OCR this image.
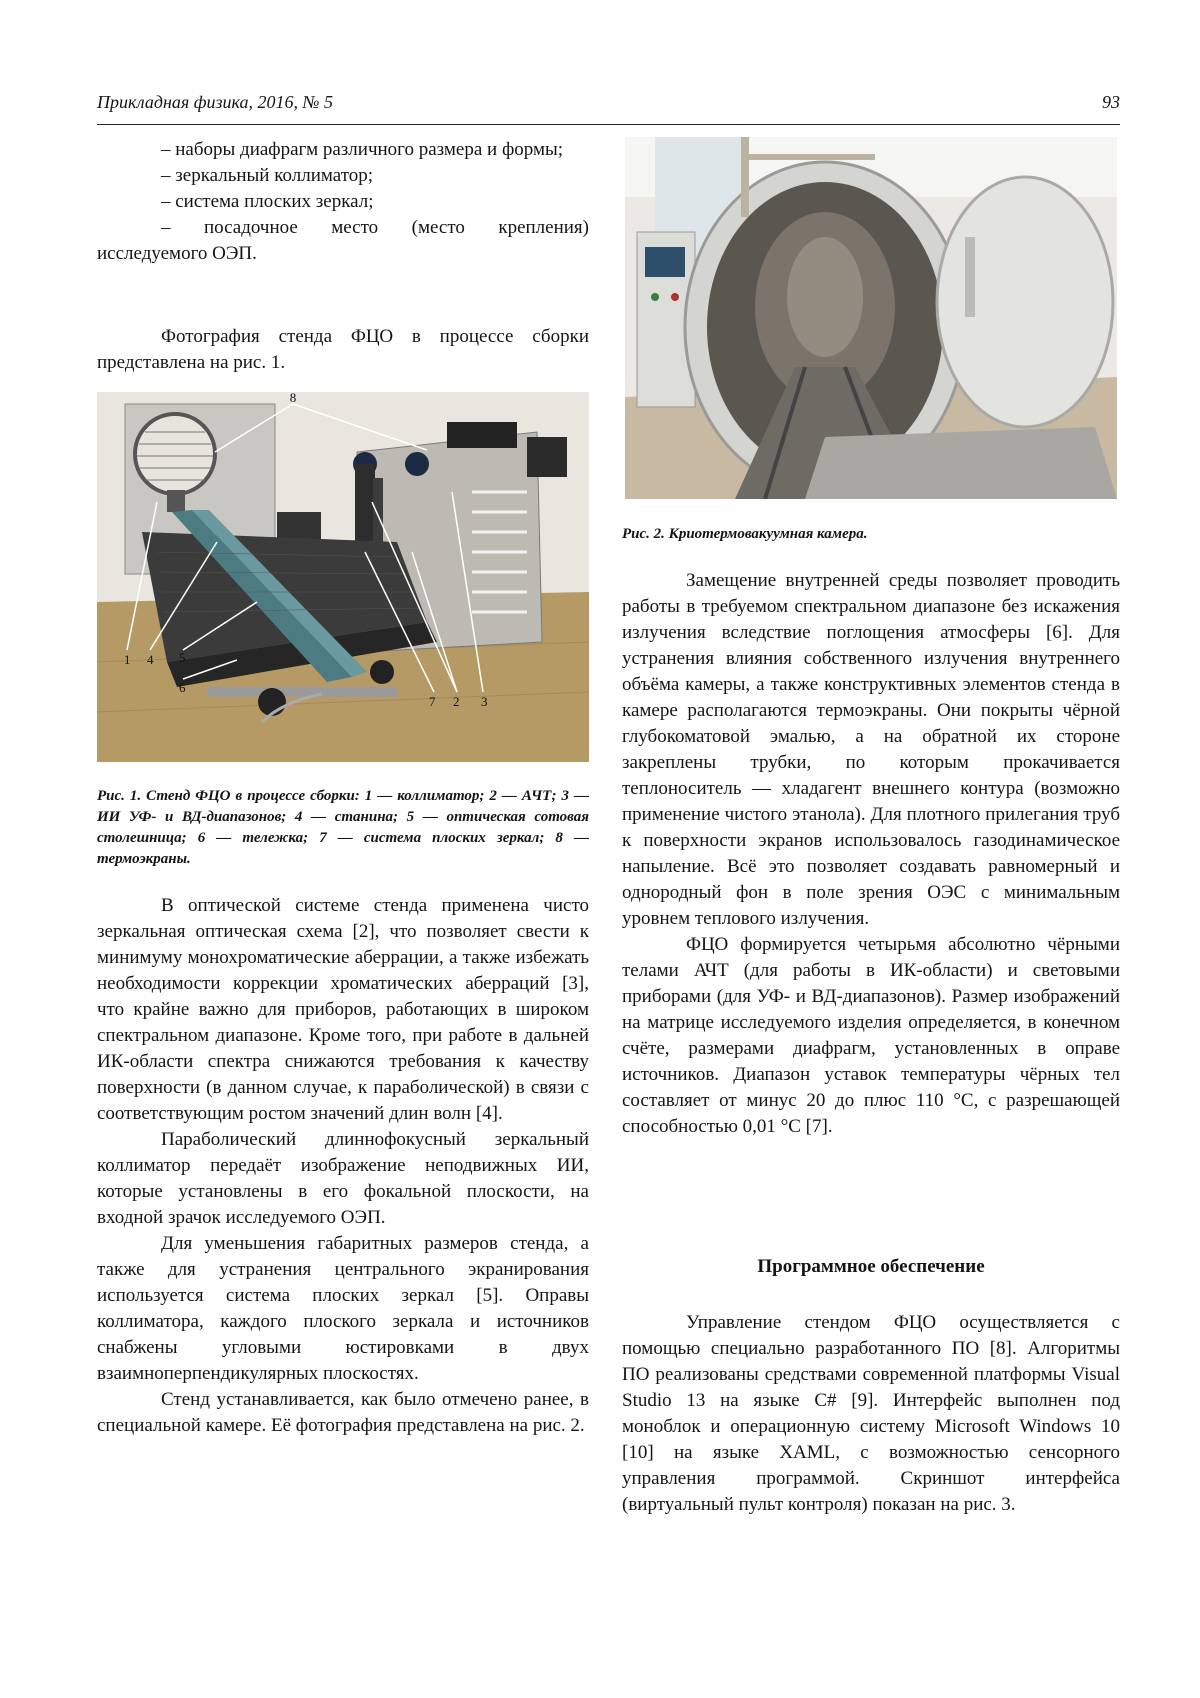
Прикладная физика, 2016, № 5	93

– наборы диафрагм различного размера и формы;

– зеркальный коллиматор;

– система плоских зеркал;

– посадочное место (место крепления) исследуемого ОЭП.

Фотография стенда ФЦО в процессе сборки представлена на рис. 1.

8
1 4 5
6
7 2 3
Рис. 1. Стенд ФЦО в процессе сборки: 1 — коллиматор; 2 — АЧТ; 3 — ИИ УФ- и ВД-диапазонов; 4 — станина; 5 — оптическая сотовая столешница; 6 — тележка; 7 — система плоских зеркал; 8 — термоэкраны.

В оптической системе стенда применена чисто зеркальная оптическая схема [2], что позволяет свести к минимуму монохроматические аберрации, а также избежать необходимости коррекции хроматических аберраций [3], что крайне важно для приборов, работающих в широком спектральном диапазоне. Кроме того, при работе в дальней ИК-области спектра снижаются требования к качеству поверхности (в данном случае, к параболической) в связи с соответствующим ростом значений длин волн [4].

Параболический длиннофокусный зеркальный коллиматор передаёт изображение неподвижных ИИ, которые установлены в его фокальной плоскости, на входной зрачок исследуемого ОЭП.

Для уменьшения габаритных размеров стенда, а также для устранения центрального экранирования используется система плоских зеркал [5]. Оправы коллиматора, каждого плоского зеркала и источников снабжены угловыми юстировками в двух взаимноперпендикулярных плоскостях.

Стенд устанавливается, как было отмечено ранее, в специальной камере. Её фотография представлена на рис. 2.

Рис. 2. Криотермовакуумная камера.

Замещение внутренней среды позволяет проводить работы в требуемом спектральном диапазоне без искажения излучения вследствие поглощения атмосферы [6]. Для устранения влияния собственного излучения внутреннего объёма камеры, а также конструктивных элементов стенда в камере располагаются термоэкраны. Они покрыты чёрной глубокоматовой эмалью, а на обратной их стороне закреплены трубки, по которым прокачивается теплоноситель — хладагент внешнего контура (возможно применение чистого этанола). Для плотного прилегания труб к поверхности экранов использовалось газодинамическое напыление. Всё это позволяет создавать равномерный и однородный фон в поле зрения ОЭС с минимальным уровнем теплового излучения.

ФЦО формируется четырьмя абсолютно чёрными телами АЧТ (для работы в ИК-области) и световыми приборами (для УФ- и ВД-диапазонов). Размер изображений на матрице исследуемого изделия определяется, в конечном счёте, размерами диафрагм, установленных в оправе источников. Диапазон уставок температуры чёрных тел составляет от минус 20 до плюс 110 °С, с разрешающей способностью 0,01 °С [7].

Программное обеспечение

Управление стендом ФЦО осуществляется с помощью специально разработанного ПО [8]. Алгоритмы ПО реализованы средствами современной платформы Visual Studio 13 на языке С# [9]. Интерфейс выполнен под моноблок и операционную систему Microsoft Windows 10 [10] на языке XAML, с возможностью сенсорного управления программой. Скриншот интерфейса (виртуальный пульт контроля) показан на рис. 3.
